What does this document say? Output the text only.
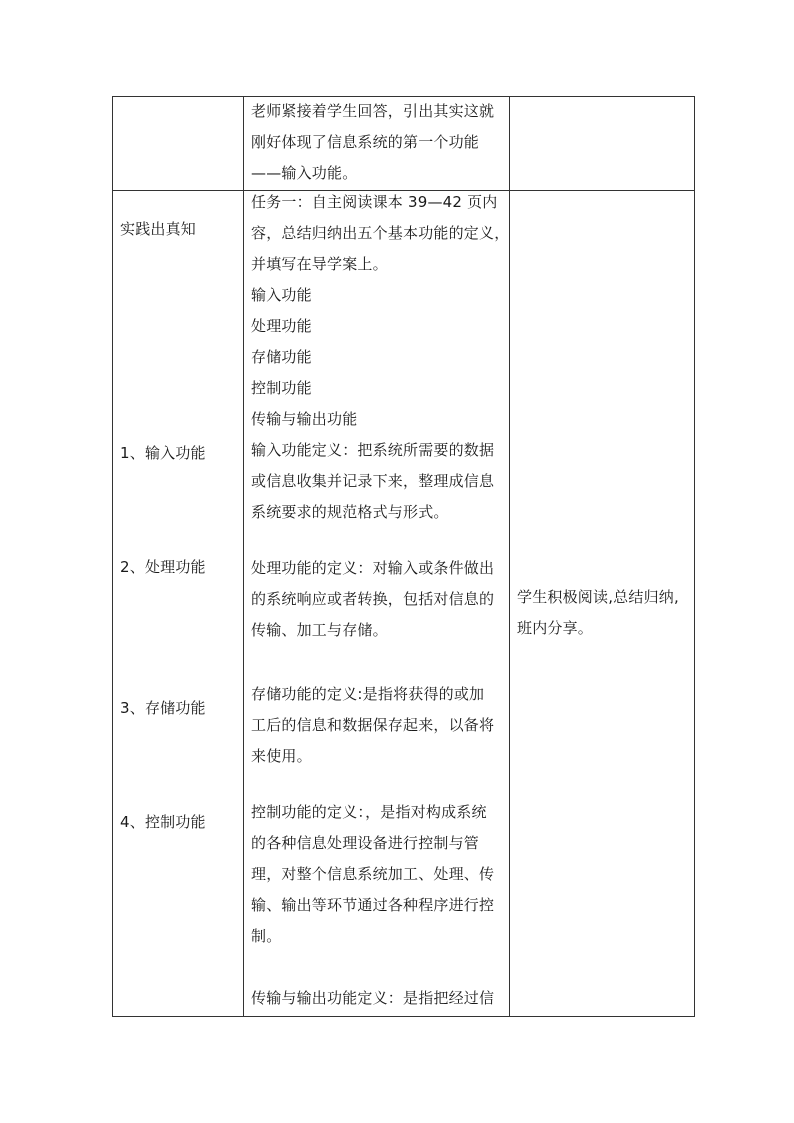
老师紧接着学生回答，引出其实这就
刚好体现了信息系统的第一个功能
——输入功能。
实践出真知
1、输入功能
2、处理功能
3、存储功能
4、控制功能
任务一：自主阅读课本 39—42 页内
容，总结归纳出五个基本功能的定义，
并填写在导学案上。
输入功能
处理功能
存储功能
控制功能
传输与输出功能
输入功能定义：把系统所需要的数据
或信息收集并记录下来，整理成信息
系统要求的规范格式与形式。
处理功能的定义：对输入或条件做出
的系统响应或者转换，包括对信息的
传输、加工与存储。
存储功能的定义:是指将获得的或加
工后的信息和数据保存起来，以备将
来使用。
控制功能的定义：，是指对构成系统
的各种信息处理设备进行控制与管
理，对整个信息系统加工、处理、传
输、输出等环节通过各种程序进行控
制。
传输与输出功能定义：是指把经过信
学生积极阅读,总结归纳,
班内分享。
